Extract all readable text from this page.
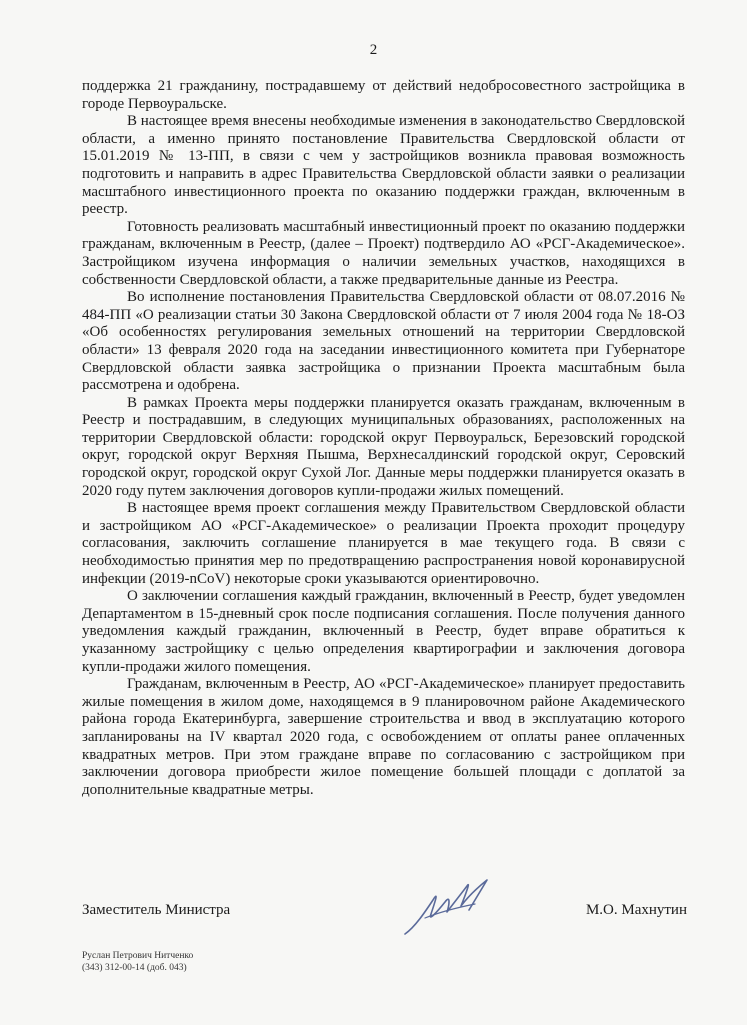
2

поддержка 21 гражданину, пострадавшему от действий недобросовестного застройщика в городе Первоуральске.

В настоящее время внесены необходимые изменения в законодательство Свердловской области, а именно принято постановление Правительства Свердловской области от 15.01.2019 № 13-ПП, в связи с чем у застройщиков возникла правовая возможность подготовить и направить в адрес Правительства Свердловской области заявки о реализации масштабного инвестиционного проекта по оказанию поддержки граждан, включенным в реестр.

Готовность реализовать масштабный инвестиционный проект по оказанию поддержки гражданам, включенным в Реестр, (далее – Проект) подтвердило АО «РСГ-Академическое». Застройщиком изучена информация о наличии земельных участков, находящихся в собственности Свердловской области, а также предварительные данные из Реестра.

Во исполнение постановления Правительства Свердловской области от 08.07.2016 № 484-ПП «О реализации статьи 30 Закона Свердловской области от 7 июля 2004 года № 18-ОЗ «Об особенностях регулирования земельных отношений на территории Свердловской области» 13 февраля 2020 года на заседании инвестиционного комитета при Губернаторе Свердловской области заявка застройщика о признании Проекта масштабным была рассмотрена и одобрена.

В рамках Проекта меры поддержки планируется оказать гражданам, включенным в Реестр и пострадавшим, в следующих муниципальных образованиях, расположенных на территории Свердловской области: городской округ Первоуральск, Березовский городской округ, городской округ Верхняя Пышма, Верхнесалдинский городской округ, Серовский городской округ, городской округ Сухой Лог. Данные меры поддержки планируется оказать в 2020 году путем заключения договоров купли-продажи жилых помещений.

В настоящее время проект соглашения между Правительством Свердловской области и застройщиком АО «РСГ-Академическое» о реализации Проекта проходит процедуру согласования, заключить соглашение планируется в мае текущего года. В связи с необходимостью принятия мер по предотвращению распространения новой коронавирусной инфекции (2019-nCoV) некоторые сроки указываются ориентировочно.

О заключении соглашения каждый гражданин, включенный в Реестр, будет уведомлен Департаментом в 15-дневный срок после подписания соглашения. После получения данного уведомления каждый гражданин, включенный в Реестр, будет вправе обратиться к указанному застройщику с целью определения квартирографии и заключения договора купли-продажи жилого помещения.

Гражданам, включенным в Реестр, АО «РСГ-Академическое» планирует предоставить жилые помещения в жилом доме, находящемся в 9 планировочном районе Академического района города Екатеринбурга, завершение строительства и ввод в эксплуатацию которого запланированы на IV квартал 2020 года, с освобождением от оплаты ранее оплаченных квадратных метров. При этом граждане вправе по согласованию с застройщиком при заключении договора приобрести жилое помещение большей площади с доплатой за дополнительные квадратные метры.

Заместитель Министра	М.О. Махнутин
Руслан Петрович Нитченко
(343) 312-00-14 (доб. 043)
